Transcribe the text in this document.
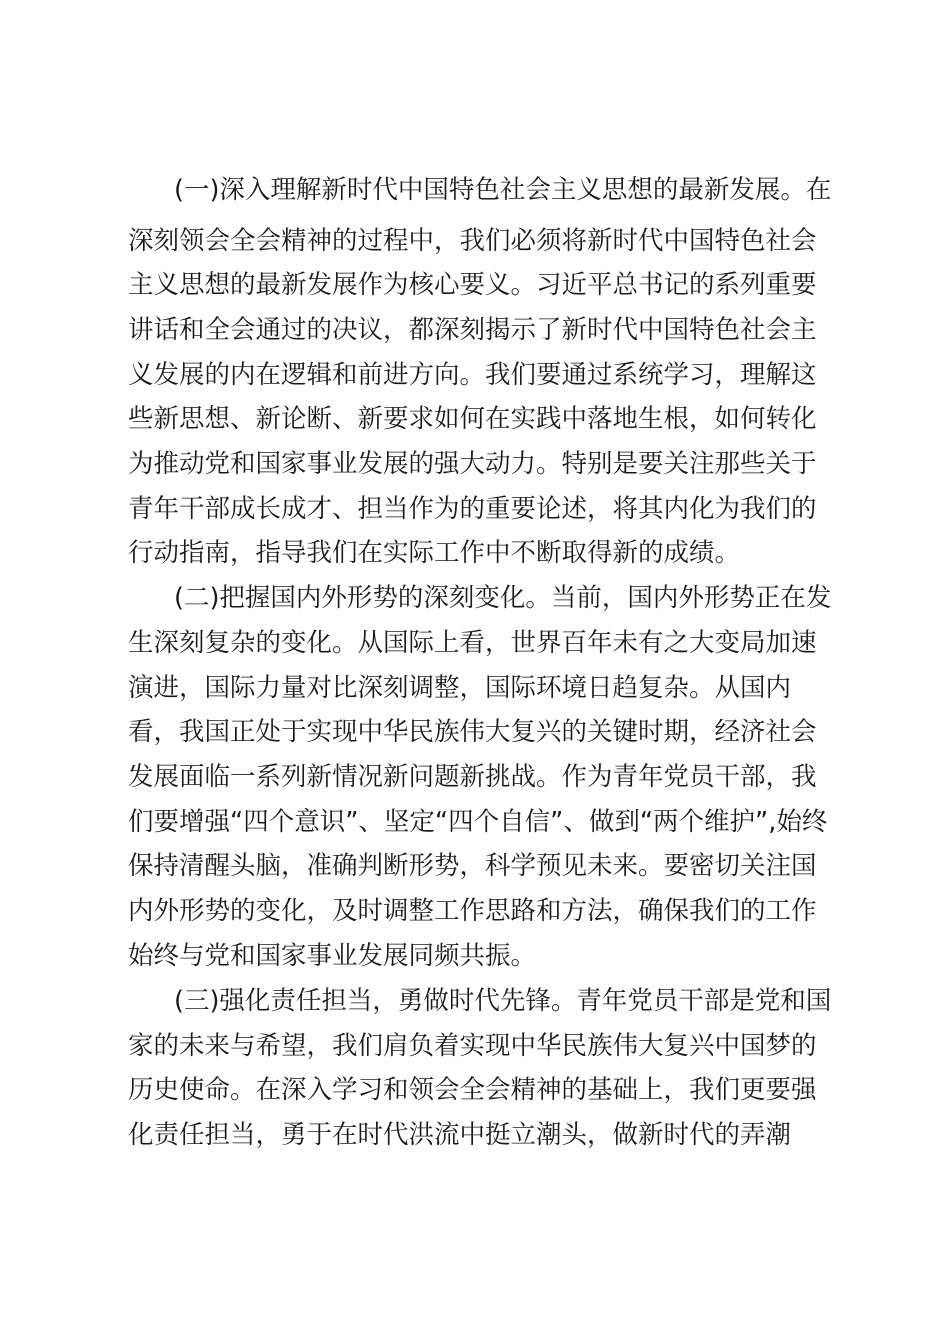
(一)深入理解新时代中国特色社会主义思想的最新发展。在
深刻领会全会精神的过程中，我们必须将新时代中国特色社会
主义思想的最新发展作为核心要义。习近平总书记的系列重要
讲话和全会通过的决议，都深刻揭示了新时代中国特色社会主
义发展的内在逻辑和前进方向。我们要通过系统学习，理解这
些新思想、新论断、新要求如何在实践中落地生根，如何转化
为推动党和国家事业发展的强大动力。特别是要关注那些关于
青年干部成长成才、担当作为的重要论述，将其内化为我们的
行动指南，指导我们在实际工作中不断取得新的成绩。
(二)把握国内外形势的深刻变化。当前，国内外形势正在发
生深刻复杂的变化。从国际上看，世界百年未有之大变局加速
演进，国际力量对比深刻调整，国际环境日趋复杂。从国内
看，我国正处于实现中华民族伟大复兴的关键时期，经济社会
发展面临一系列新情况新问题新挑战。作为青年党员干部，我
们要增强“四个意识”、坚定“四个自信”、做到“两个维护”,始终
保持清醒头脑，准确判断形势，科学预见未来。要密切关注国
内外形势的变化，及时调整工作思路和方法，确保我们的工作
始终与党和国家事业发展同频共振。
(三)强化责任担当，勇做时代先锋。青年党员干部是党和国
家的未来与希望，我们肩负着实现中华民族伟大复兴中国梦的
历史使命。在深入学习和领会全会精神的基础上，我们更要强
化责任担当，勇于在时代洪流中挺立潮头，做新时代的弄潮
